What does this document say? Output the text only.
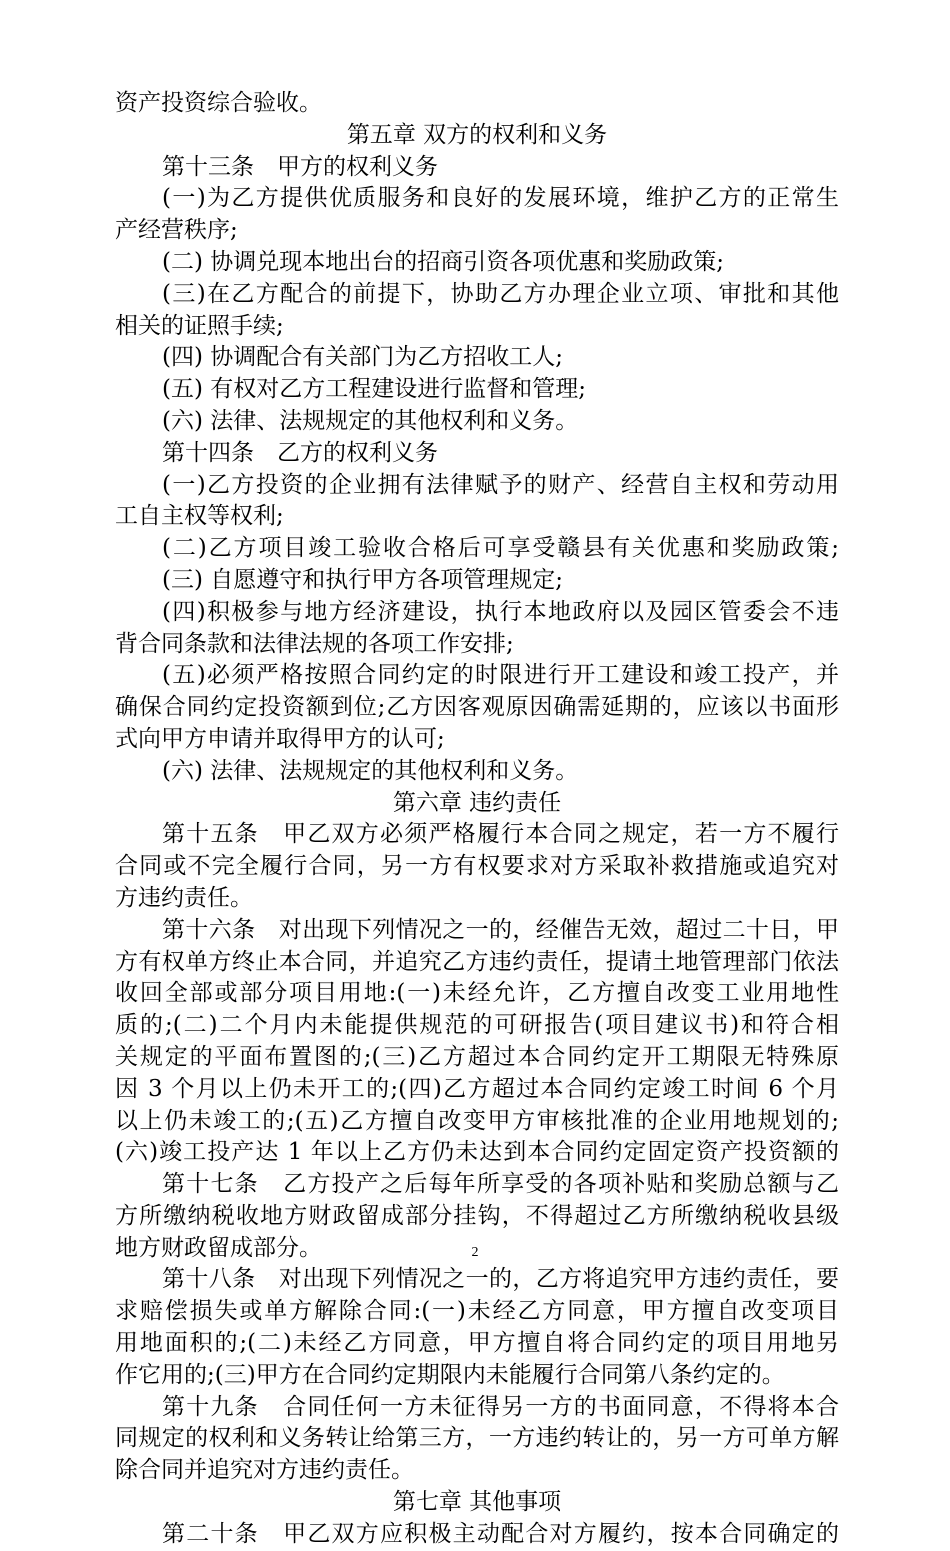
资产投资综合验收。
第五章 双方的权利和义务
第十三条　甲方的权利义务
(一)为乙方提供优质服务和良好的发展环境，维护乙方的正常生
产经营秩序;
(二) 协调兑现本地出台的招商引资各项优惠和奖励政策;
(三)在乙方配合的前提下，协助乙方办理企业立项、审批和其他
相关的证照手续;
(四) 协调配合有关部门为乙方招收工人;
(五) 有权对乙方工程建设进行监督和管理;
(六) 法律、法规规定的其他权利和义务。
第十四条　乙方的权利义务
(一)乙方投资的企业拥有法律赋予的财产、经营自主权和劳动用
工自主权等权利;
(二)乙方项目竣工验收合格后可享受赣县有关优惠和奖励政策;
(三) 自愿遵守和执行甲方各项管理规定;
(四)积极参与地方经济建设，执行本地政府以及园区管委会不违
背合同条款和法律法规的各项工作安排;
(五)必须严格按照合同约定的时限进行开工建设和竣工投产，并
确保合同约定投资额到位;乙方因客观原因确需延期的，应该以书面形
式向甲方申请并取得甲方的认可;
(六) 法律、法规规定的其他权利和义务。
第六章 违约责任
第十五条　甲乙双方必须严格履行本合同之规定，若一方不履行
合同或不完全履行合同，另一方有权要求对方采取补救措施或追究对
方违约责任。
第十六条　对出现下列情况之一的，经催告无效，超过二十日，甲
方有权单方终止本合同，并追究乙方违约责任，提请土地管理部门依法
收回全部或部分项目用地:(一)未经允许，乙方擅自改变工业用地性
质的;(二)二个月内未能提供规范的可研报告(项目建议书)和符合相
关规定的平面布置图的;(三)乙方超过本合同约定开工期限无特殊原
因 3 个月以上仍未开工的;(四)乙方超过本合同约定竣工时间 6 个月
以上仍未竣工的;(五)乙方擅自改变甲方审核批准的企业用地规划的;
(六)竣工投产达 1 年以上乙方仍未达到本合同约定固定资产投资额的
第十七条　乙方投产之后每年所享受的各项补贴和奖励总额与乙
方所缴纳税收地方财政留成部分挂钩，不得超过乙方所缴纳税收县级
地方财政留成部分。
第十八条　对出现下列情况之一的，乙方将追究甲方违约责任，要
求赔偿损失或单方解除合同:(一)未经乙方同意，甲方擅自改变项目
用地面积的;(二)未经乙方同意，甲方擅自将合同约定的项目用地另
作它用的;(三)甲方在合同约定期限内未能履行合同第八条约定的。
第十九条　合同任何一方未征得另一方的书面同意，不得将本合
同规定的权利和义务转让给第三方，一方违约转让的，另一方可单方解
除合同并追究对方违约责任。
第七章 其他事项
第二十条　甲乙双方应积极主动配合对方履约，按本合同确定的
2
